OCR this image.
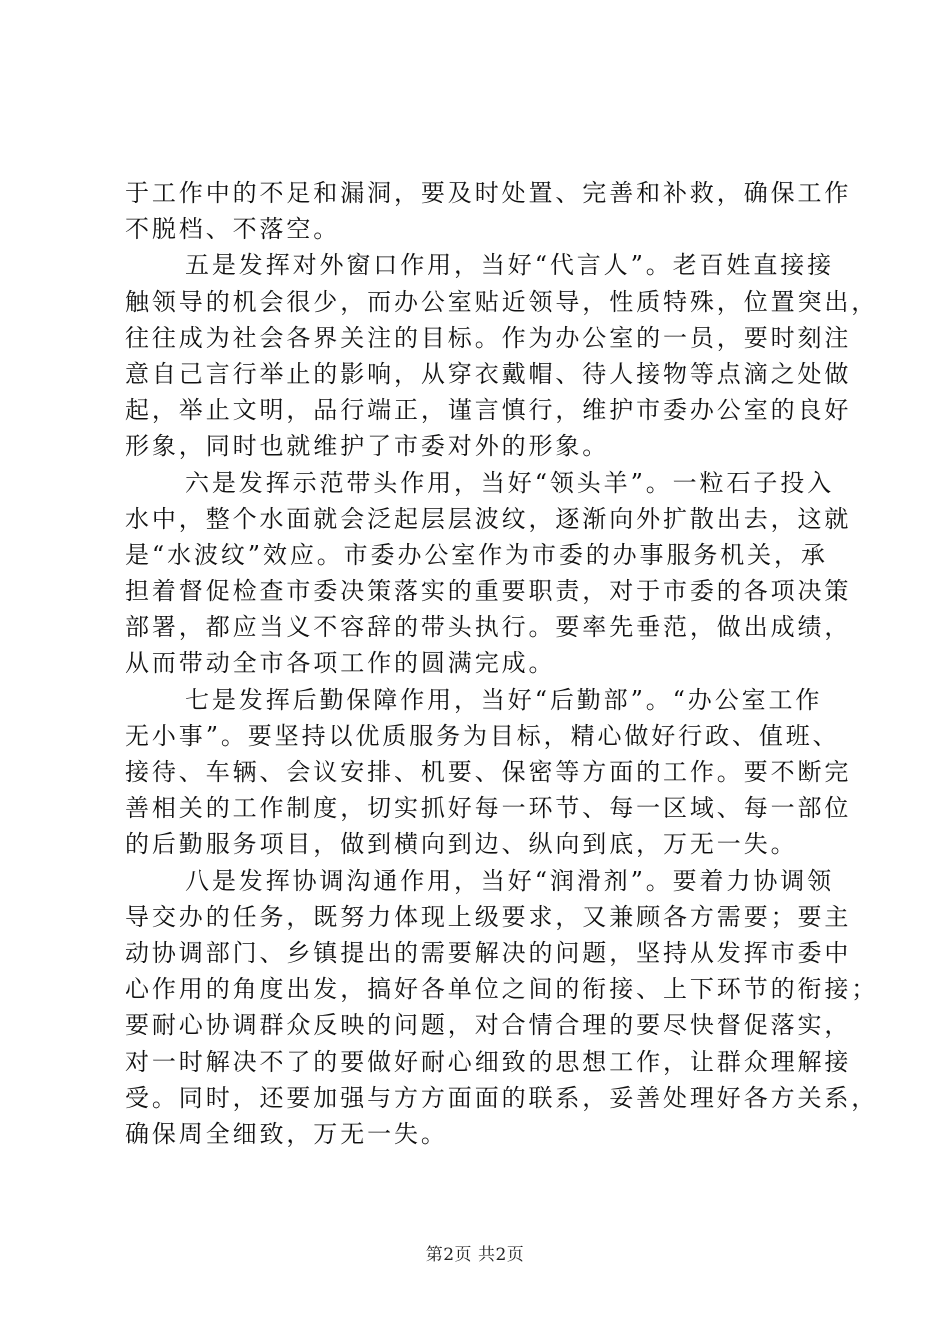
于工作中的不足和漏洞，要及时处置、完善和补救，确保工作
不脱档、不落空。
五是发挥对外窗口作用，当好“代言人”。老百姓直接接
触领导的机会很少，而办公室贴近领导，性质特殊，位置突出，
往往成为社会各界关注的目标。作为办公室的一员，要时刻注
意自己言行举止的影响，从穿衣戴帽、待人接物等点滴之处做
起，举止文明，品行端正，谨言慎行，维护市委办公室的良好
形象，同时也就维护了市委对外的形象。
六是发挥示范带头作用，当好“领头羊”。一粒石子投入
水中，整个水面就会泛起层层波纹，逐渐向外扩散出去，这就
是“水波纹”效应。市委办公室作为市委的办事服务机关，承
担着督促检查市委决策落实的重要职责，对于市委的各项决策
部署，都应当义不容辞的带头执行。要率先垂范，做出成绩，
从而带动全市各项工作的圆满完成。
七是发挥后勤保障作用，当好“后勤部”。“办公室工作
无小事”。要坚持以优质服务为目标，精心做好行政、值班、
接待、车辆、会议安排、机要、保密等方面的工作。要不断完
善相关的工作制度，切实抓好每一环节、每一区域、每一部位
的后勤服务项目，做到横向到边、纵向到底，万无一失。
八是发挥协调沟通作用，当好“润滑剂”。要着力协调领
导交办的任务，既努力体现上级要求，又兼顾各方需要；要主
动协调部门、乡镇提出的需要解决的问题，坚持从发挥市委中
心作用的角度出发，搞好各单位之间的衔接、上下环节的衔接；
要耐心协调群众反映的问题，对合情合理的要尽快督促落实，
对一时解决不了的要做好耐心细致的思想工作，让群众理解接
受。同时，还要加强与方方面面的联系，妥善处理好各方关系，
确保周全细致，万无一失。
第2页 共2页
